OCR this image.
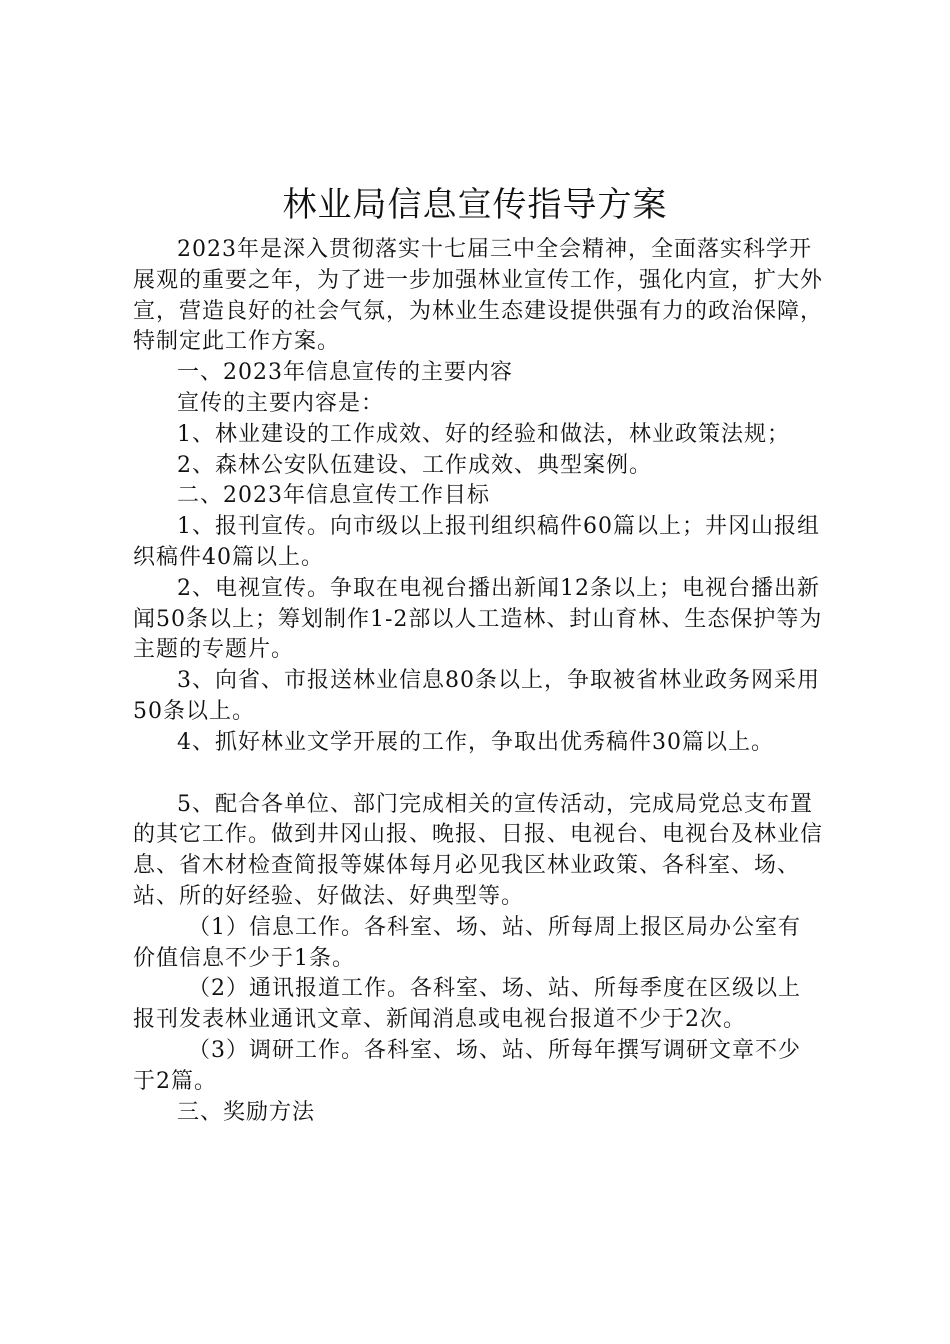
林业局信息宣传指导方案

2023年是深入贯彻落实十七届三中全会精神，全面落实科学开展观的重要之年，为了进一步加强林业宣传工作，强化内宣，扩大外宣，营造良好的社会气氛，为林业生态建设提供强有力的政治保障，特制定此工作方案。

一、2023年信息宣传的主要内容

宣传的主要内容是：

1、林业建设的工作成效、好的经验和做法，林业政策法规；

2、森林公安队伍建设、工作成效、典型案例。

二、2023年信息宣传工作目标

1、报刊宣传。向市级以上报刊组织稿件60篇以上；井冈山报组织稿件40篇以上。

2、电视宣传。争取在电视台播出新闻12条以上；电视台播出新闻50条以上；筹划制作1-2部以人工造林、封山育林、生态保护等为主题的专题片。

3、向省、市报送林业信息80条以上，争取被省林业政务网采用50条以上。

4、抓好林业文学开展的工作，争取出优秀稿件30篇以上。

5、配合各单位、部门完成相关的宣传活动，完成局党总支布置的其它工作。做到井冈山报、晚报、日报、电视台、电视台及林业信息、省木材检查简报等媒体每月必见我区林业政策、各科室、场、站、所的好经验、好做法、好典型等。

（1）信息工作。各科室、场、站、所每周上报区局办公室有价值信息不少于1条。

（2）通讯报道工作。各科室、场、站、所每季度在区级以上报刊发表林业通讯文章、新闻消息或电视台报道不少于2次。

（3）调研工作。各科室、场、站、所每年撰写调研文章不少于2篇。

三、奖励方法
